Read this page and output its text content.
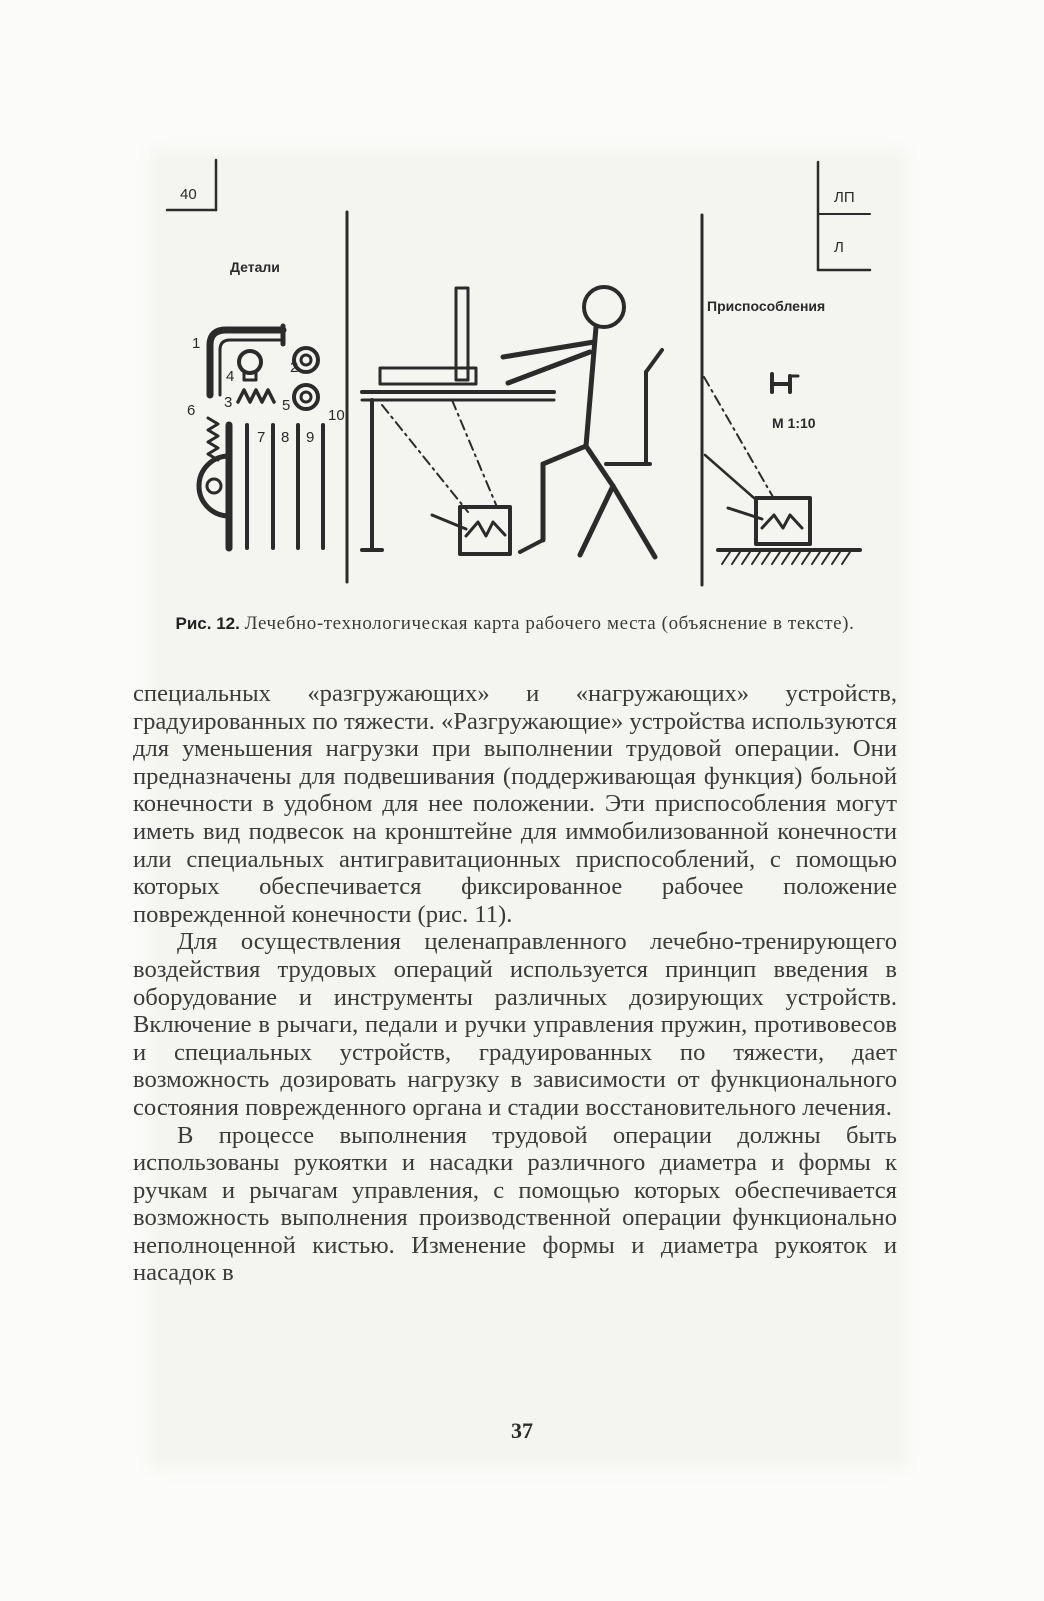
40	ЛП
Л
Детали
Приспособления
М 1:10
1
2
3
4
5
6
7 8 9
10
Рис. 12. Лечебно-технологическая карта рабочего места (объяснение в тексте).

специальных «разгружающих» и «нагружающих» устройств, градуированных по тяжести. «Разгружающие» устройства используются для уменьшения нагрузки при выполнении трудовой операции. Они предназначены для подвешивания (поддерживающая функция) больной конечности в удобном для нее положении. Эти приспособления могут иметь вид подвесок на кронштейне для иммобилизованной конечности или специальных антигравитационных приспособлений, с помощью которых обеспечивается фиксированное рабочее положение поврежденной конечности (рис. 11).

Для осуществления целенаправленного лечебно-тренирующего воздействия трудовых операций используется принцип введения в оборудование и инструменты различных дозирующих устройств. Включение в рычаги, педали и ручки управления пружин, противовесов и специальных устройств, градуированных по тяжести, дает возможность дозировать нагрузку в зависимости от функционального состояния поврежденного органа и стадии восстановительного лечения.

В процессе выполнения трудовой операции должны быть использованы рукоятки и насадки различного диаметра и формы к ручкам и рычагам управления, с помощью которых обеспечивается возможность выполнения производственной операции функционально неполноценной кистью. Изменение формы и диаметра рукояток и насадок в

37
